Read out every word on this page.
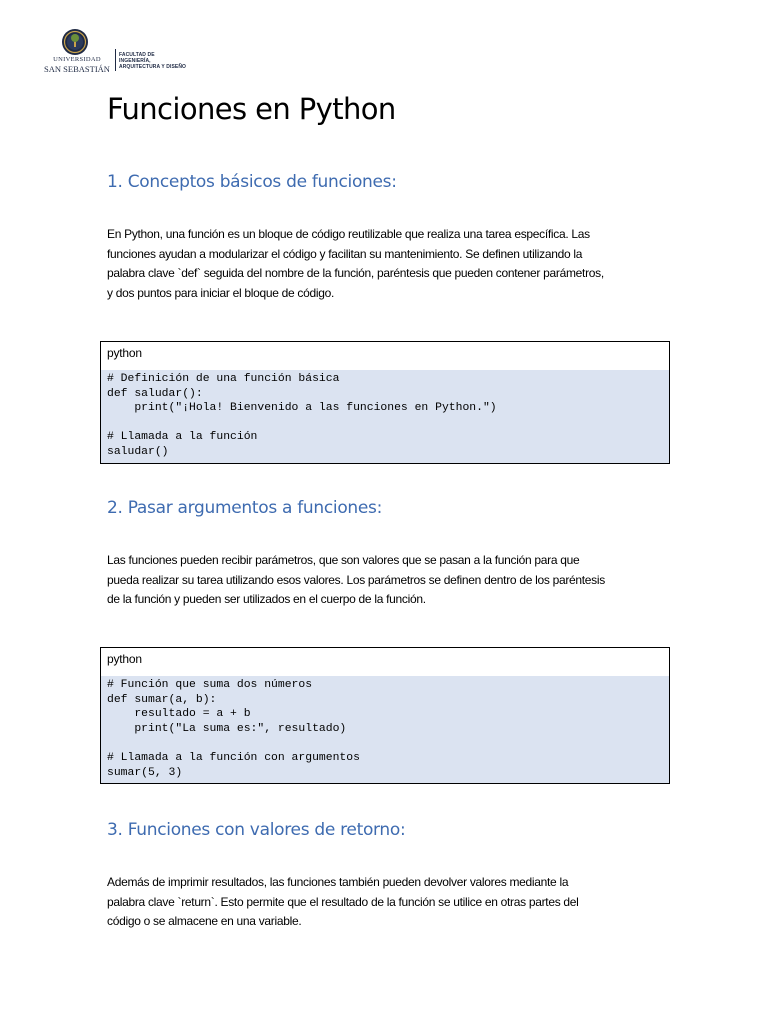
UNIVERSIDAD
SAN SEBASTIÁN
FACULTAD DE
INGENIERÍA,
ARQUITECTURA Y DISEÑO
Funciones en Python
1. Conceptos básicos de funciones:

En Python, una función es un bloque de código reutilizable que realiza una tarea específica. Las
funciones ayudan a modularizar el código y facilitan su mantenimiento. Se definen utilizando la
palabra clave `def` seguida del nombre de la función, paréntesis que pueden contener parámetros,
y dos puntos para iniciar el bloque de código.

python
# Definición de una función básica
def saludar():
print("¡Hola! Bienvenido a las funciones en Python.")
# Llamada a la función
saludar()
2. Pasar argumentos a funciones:

Las funciones pueden recibir parámetros, que son valores que se pasan a la función para que
pueda realizar su tarea utilizando esos valores. Los parámetros se definen dentro de los paréntesis
de la función y pueden ser utilizados en el cuerpo de la función.

python
# Función que suma dos números
def sumar(a, b):
resultado = a + b
print("La suma es:", resultado)
# Llamada a la función con argumentos
sumar(5, 3)
3. Funciones con valores de retorno:

Además de imprimir resultados, las funciones también pueden devolver valores mediante la
palabra clave `return`. Esto permite que el resultado de la función se utilice en otras partes del
código o se almacene en una variable.
